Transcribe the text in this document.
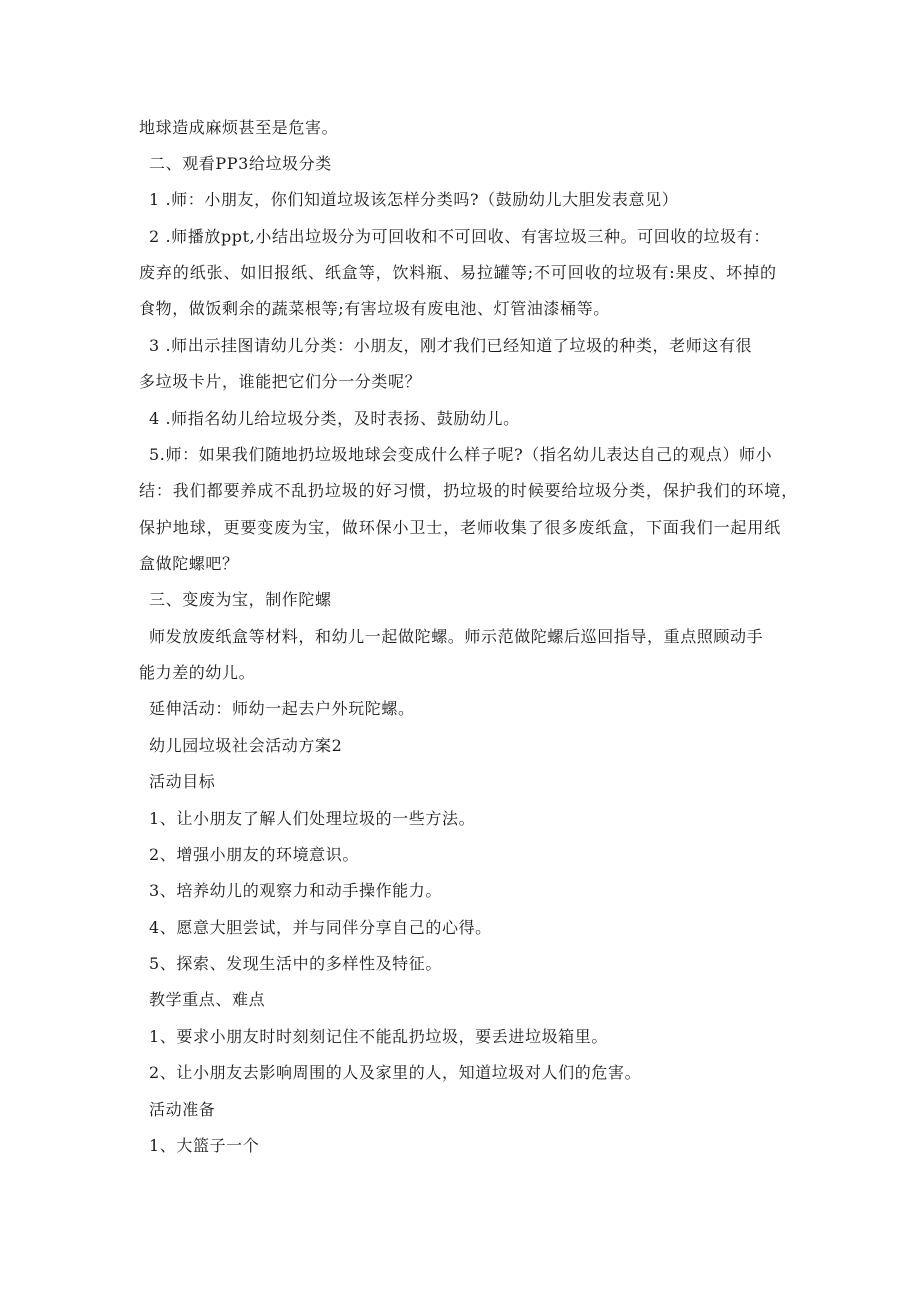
地球造成麻烦甚至是危害。
二、观看PP3给垃圾分类
1 .师：小朋友，你们知道垃圾该怎样分类吗?（鼓励幼儿大胆发表意见）
2 .师播放ppt,小结出垃圾分为可回收和不可回收、有害垃圾三种。可回收的垃圾有：
废弃的纸张、如旧报纸、纸盒等，饮料瓶、易拉罐等;不可回收的垃圾有:果皮、坏掉的
食物，做饭剩余的蔬菜根等;有害垃圾有废电池、灯管油漆桶等。
3 .师出示挂图请幼儿分类：小朋友，刚才我们已经知道了垃圾的种类，老师这有很
多垃圾卡片，谁能把它们分一分类呢？
4 .师指名幼儿给垃圾分类，及时表扬、鼓励幼儿。
5.师：如果我们随地扔垃圾地球会变成什么样子呢?（指名幼儿表达自己的观点）师小
结：我们都要养成不乱扔垃圾的好习惯，扔垃圾的时候要给垃圾分类，保护我们的环境，
保护地球，更要变废为宝，做环保小卫士，老师收集了很多废纸盒，下面我们一起用纸
盒做陀螺吧？
三、变废为宝，制作陀螺
师发放废纸盒等材料，和幼儿一起做陀螺。师示范做陀螺后巡回指导，重点照顾动手
能力差的幼儿。
延伸活动：师幼一起去户外玩陀螺。
幼儿园垃圾社会活动方案2
活动目标
1、让小朋友了解人们处理垃圾的一些方法。
2、增强小朋友的环境意识。
3、培养幼儿的观察力和动手操作能力。
4、愿意大胆尝试，并与同伴分享自己的心得。
5、探索、发现生活中的多样性及特征。
教学重点、难点
1、要求小朋友时时刻刻记住不能乱扔垃圾，要丢进垃圾箱里。
2、让小朋友去影响周围的人及家里的人，知道垃圾对人们的危害。
活动准备
1、大篮子一个
